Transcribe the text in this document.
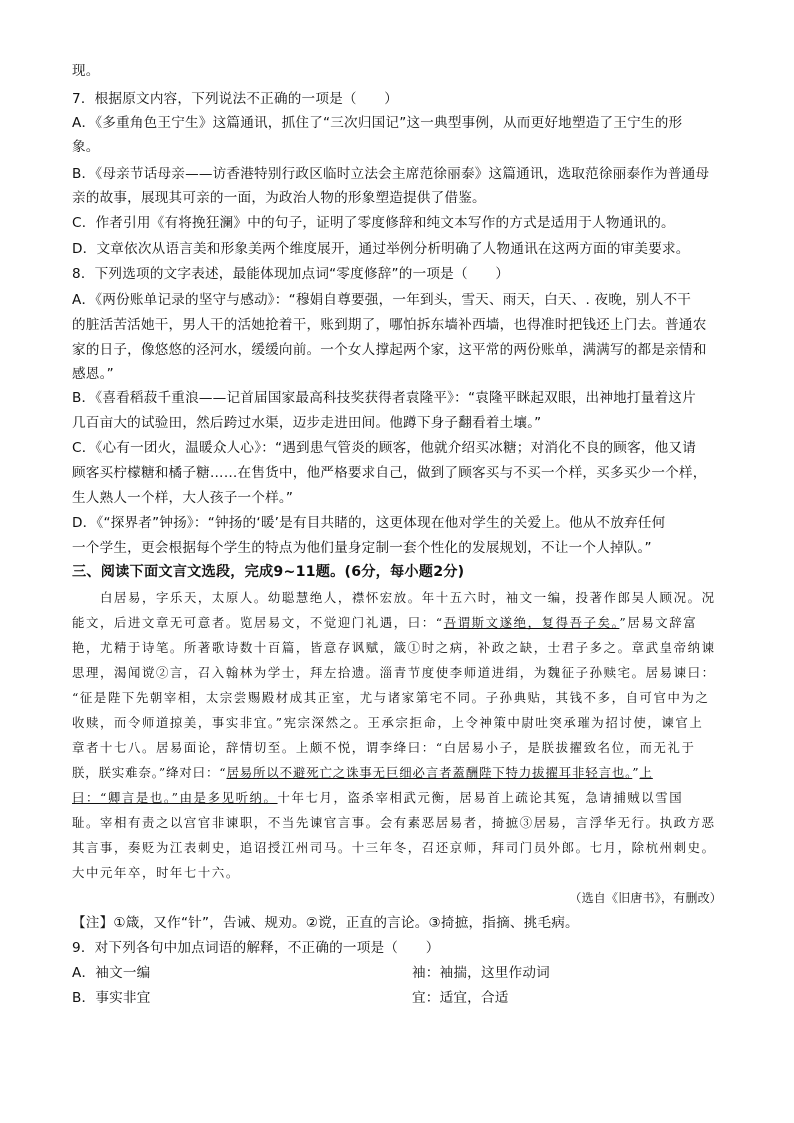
现。
7．根据原文内容，下列说法不正确的一项是（　　）
A．《多重角色王宁生》这篇通讯，抓住了“三次归国记”这一典型事例，从而更好地塑造了王宁生的形
象。
B．《母亲节话母亲——访香港特别行政区临时立法会主席范徐丽泰》这篇通讯，选取范徐丽泰作为普通母
亲的故事，展现其可亲的一面，为政治人物的形象塑造提供了借鉴。
C．作者引用《有将挽狂澜》中的句子，证明了零度修辞和纯文本写作的方式是适用于人物通讯的。
D．文章依次从语言美和形象美两个维度展开，通过举例分析明确了人物通讯在这两方面的审美要求。
8．下列选项的文字表述，最能体现加点词“零度修辞”的一项是（　　）
A．《两份账单记录的坚守与感动》：“穆娟自尊要强，一年到头，雪天、雨天，白天、. 夜晚，别人不干
的脏活苦活她干，男人干的活她抢着干，账到期了，哪怕拆东墙补西墙，也得准时把钱还上门去。普通农
家的日子，像悠悠的泾河水，缓缓向前。一个女人撑起两个家，这平常的两份账单，满满写的都是亲情和
感恩。”
B．《喜看稻菽千重浪——记首届国家最高科技奖获得者袁隆平》：“袁隆平眯起双眼，出神地打量着这片
几百亩大的试验田，然后跨过水渠，迈步走进田间。他蹲下身子翻看着土壤。”
C．《心有一团火，温暖众人心》：“遇到患气管炎的顾客，他就介绍买冰糖；对消化不良的顾客，他又请
顾客买柠檬糖和橘子糖……在售货中，他严格要求自己，做到了顾客买与不买一个样，买多买少一个样，
生人熟人一个样，大人孩子一个样。”
D．《“探界者”钟扬》：“钟扬的‘暖’是有目共睹的，这更体现在他对学生的关爱上。他从不放弃任何
一个学生，更会根据每个学生的特点为他们量身定制一套个性化的发展规划，不让一个人掉队。”
三、阅读下面文言文选段，完成9~11题。(6分，每小题2分)
白居易，字乐天，太原人。幼聪慧绝人，襟怀宏放。年十五六时，袖文一编，投著作郎吴人顾况。况
能文，后进文章无可意者。览居易文，不觉迎门礼遇，曰：“吾谓斯文遂绝，复得吾子矣。”居易文辞富
艳，尤精于诗笔。所著歌诗数十百篇，皆意存讽赋，箴①时之病，补政之缺，士君子多之。章武皇帝纳谏
思理，渴闻谠②言，召入翰林为学士，拜左拾遗。淄青节度使李师道进绢，为魏征子孙赎宅。居易谏曰：
“征是陛下先朝宰相，太宗尝赐殿材成其正室，尤与诸家第宅不同。子孙典贴，其钱不多，自可官中为之
收赎，而令师道掠美，事实非宜。”宪宗深然之。王承宗拒命，上令神策中尉吐突承璀为招讨使，谏官上
章者十七八。居易面论，辞情切至。上颇不悦，谓李绛曰：“白居易小子，是朕拔擢致名位，而无礼于
朕，朕实难奈。”绛对曰：“居易所以不避死亡之诛事无巨细必言者蓋酬陛下特力拔擢耳非轻言也。”上
曰：“卿言是也。”由是多见听纳。十年七月，盗杀宰相武元衡，居易首上疏论其冤，急请捕贼以雪国
耻。宰相有责之以宫官非谏职，不当先谏官言事。会有素恶居易者，掎摭③居易，言浮华无行。执政方恶
其言事，奏贬为江表刺史，追诏授江州司马。十三年冬，召还京师，拜司门员外郎。七月，除杭州刺史。
大中元年卒，时年七十六。
（选自《旧唐书》，有删改）
【注】①箴，又作“针”，告诫、规劝。②谠，正直的言论。③掎摭，指摘、挑毛病。
9．对下列各句中加点词语的解释，不正确的一项是（　　）
A．袖文一编	袖：袖揣，这里作动词
B．事实非宜	宜：适宜，合适
